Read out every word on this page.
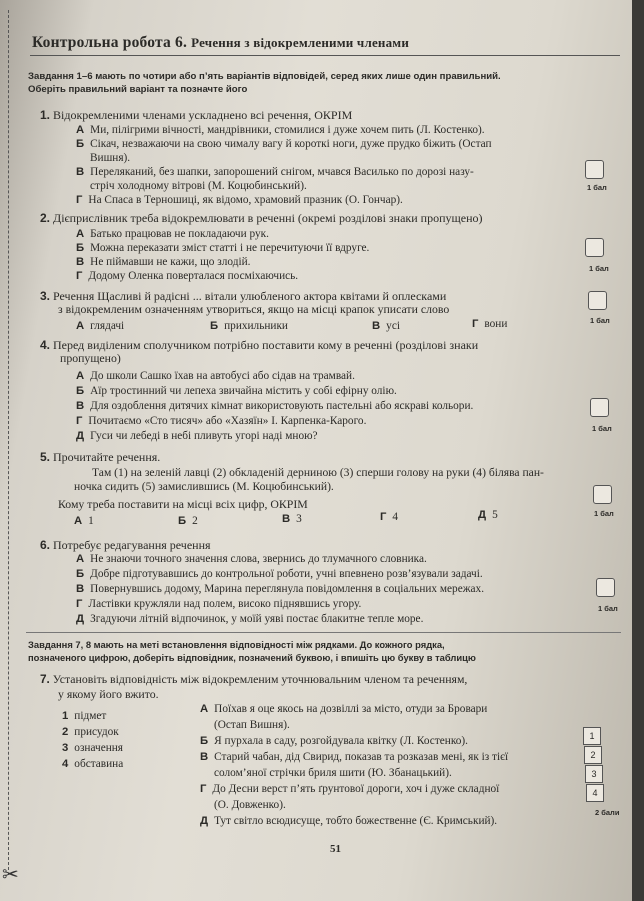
✂
Контрольна робота 6. Речення з відокремленими членами
Завдання 1–6 мають по чотири або п’ять варіантів відповідей, серед яких лише один правильний.
Оберіть правильний варіант та позначте його
1. Відокремленими членами ускладнено всі речення, ОКРІМ
А Ми, пілігрими вічності, мандрівники, стомилися і дуже хочем пить (Л. Костенко).
Б Сікач, незважаючи на свою чималу вагу й короткі ноги, дуже прудко біжить (Остап
Вишня).
В Переляканий, без шапки, запорошений снігом, мчався Василько по дорозі назу-
стріч холодному вітрові (М. Коцюбинський).
Г На Спаса в Терношиці, як відомо, храмовий празник (О. Гончар).
1 бал
2. Дієприслівник треба відокремлювати в реченні (окремі розділові знаки пропущено)
А Батько працював не покладаючи рук.
Б Можна переказати зміст статті і не перечитуючи її вдруге.
В Не піймавши не кажи, що злодій.
Г Додому Оленка поверталася посміхаючись.
1 бал
3. Речення Щасливі й радісні ... вітали улюбленого актора квітами й оплесками
з відокремленим означенням утвориться, якщо на місці крапок уписати слово
А глядачі	Б прихильники	В усі	Г вони	1 бал
4. Перед виділеним сполучником потрібно поставити кому в реченні (розділові знаки
пропущено)
А До школи Сашко їхав на автобусі або сідав на трамвай.
Б Аїр тростинний чи лепеха звичайна містить у собі ефірну олію.
В Для оздоблення дитячих кімнат використовують пастельні або яскраві кольори.
Г Почитаємо «Сто тисяч» або «Хазяїн» І. Карпенка-Карого.
Д Гуси чи лебеді в небі пливуть угорі наді мною?
1 бал
5. Прочитайте речення.
Там (1) на зеленій лавці (2) обкладеній дерниною (3) сперши голову на руки (4) білява пан-
ночка сидить (5) замислившись (М. Коцюбинський).
Кому треба поставити на місці всіх цифр, ОКРІМ
А 1	Б 2	В 3	Г 4	Д 5	1 бал
6. Потребує редагування речення
А Не знаючи точного значення слова, звернись до тлумачного словника.
Б Добре підготувавшись до контрольної роботи, учні впевнено розв’язували задачі.
В Повернувшись додому, Марина переглянула повідомлення в соціальних мережах.
Г Ластівки кружляли над полем, високо піднявшись угору.
Д Згадуючи літній відпочинок, у моїй уяві постає блакитне тепле море.
1 бал
Завдання 7, 8 мають на меті встановлення відповідності між рядками. До кожного рядка,
позначеного цифрою, доберіть відповідник, позначений буквою, і впишіть цю букву в таблицю
7. Установіть відповідність між відокремленим уточнювальним членом та реченням,
у якому його вжито.
1 підмет
2 присудок
3 означення
4 обставина
А Поїхав я оце якось на дозвіллі за місто, отуди за Бровари
(Остап Вишня).
Б Я пурхала в саду, розгойдувала квітку (Л. Костенко).
В Старий чабан, дід Свирид, показав та розказав мені, як із тієї
солом’яної стрічки бриля шити (Ю. Збанацький).
Г До Десни верст п’ять ґрунтової дороги, хоч і дуже складної
(О. Довженко).
Д Тут світло всюдисуще, тобто божественне (Є. Кримський).
1
2
3
4
2 бали
51
